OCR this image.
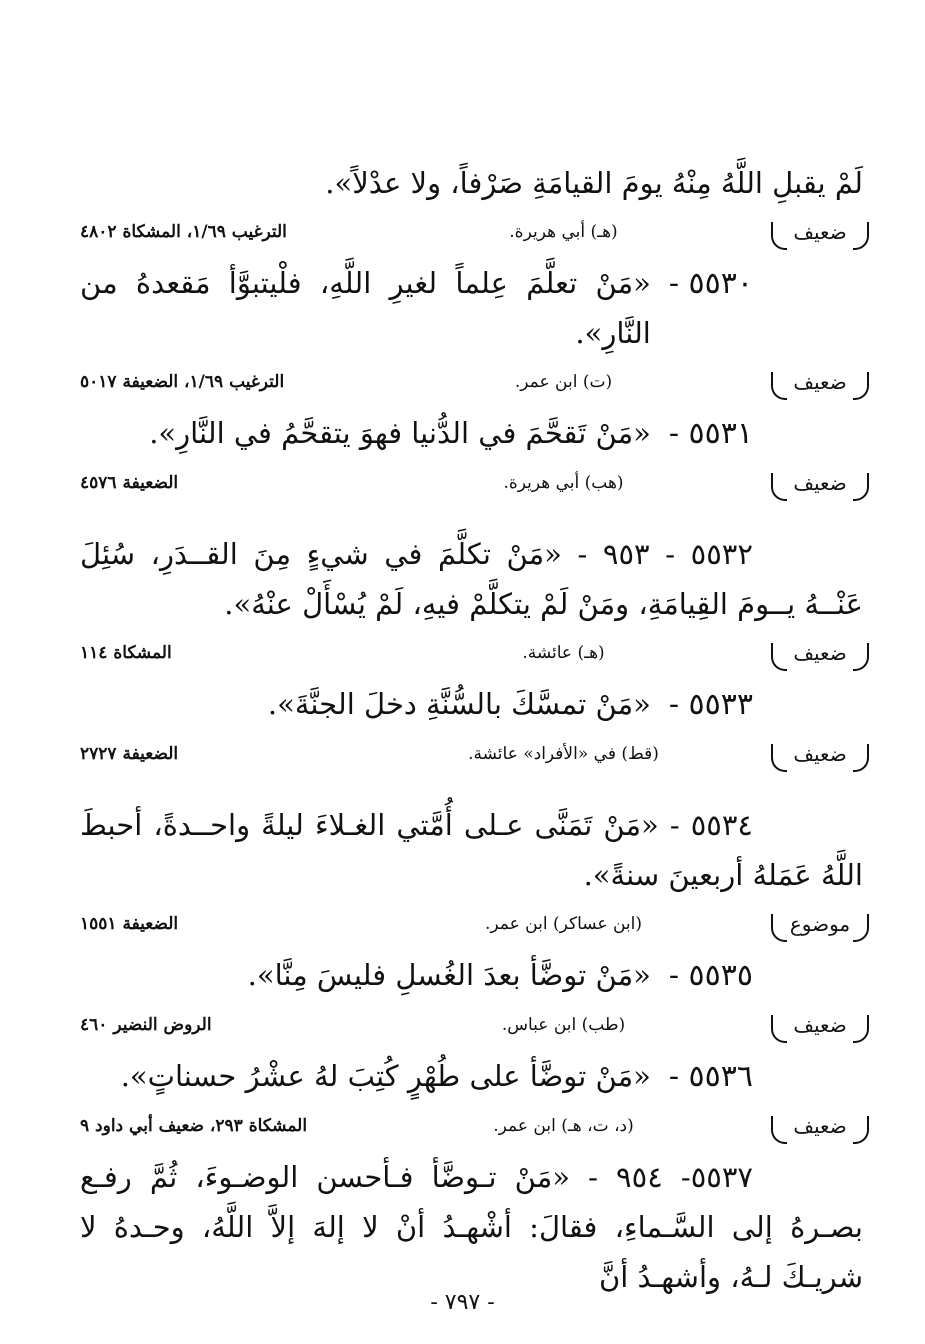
لَمْ يقبلِ اللَّهُ مِنْهُ يومَ القيامَةِ صَرْفاً، ولا عدْلاً».

ضعيف
(هـ) أبي هريرة.
الترغيب ١/٦٩، المشكاة ٤٨٠٢
٥٥٣٠ -
«مَنْ تعلَّمَ عِلماً لغيرِ اللَّهِ، فلْيتبوَّأ مَقعدهُ من النَّارِ».
ضعيف
(ت) ابن عمر.
الترغيب ١/٦٩، الضعيفة ٥٠١٧
٥٥٣١ -
«مَنْ تَقحَّمَ في الدُّنيا فهوَ يتقحَّمُ في النَّارِ».
ضعيف
(هب) أبي هريرة.
الضعيفة ٤٥٧٦

٥٥٣٢ - ٩٥٣ - «مَنْ تكلَّمَ في شيءٍ مِنَ القــدَرِ، سُئِلَ عَنْــهُ يــومَ القِيامَةِ، ومَنْ لَمْ يتكلَّمْ فيهِ، لَمْ يُسْأَلْ عنْهُ».

ضعيف
(هـ) عائشة.
المشكاة ١١٤
٥٥٣٣ -
«مَنْ تمسَّكَ بالسُّنَّةِ دخلَ الجنَّةَ».
ضعيف
(قط) في «الأفراد» عائشة.
الضعيفة ٢٧٢٧

٥٥٣٤ - «مَنْ تَمَنَّى عـلى أُمَّتي الغـلاءَ ليلةً واحــدةً، أحبطَ اللَّهُ عَمَلهُ أربعينَ سنةً».

موضوع
(ابن عساكر) ابن عمر.
الضعيفة ١٥٥١
٥٥٣٥ -
«مَنْ توضَّأ بعدَ الغُسلِ فليسَ مِنَّا».
ضعيف
(طب) ابن عباس.
الروض النضير ٤٦٠
٥٥٣٦ -
«مَنْ توضَّأ على طُهْرٍ كُتِبَ لهُ عشْرُ حسناتٍ».
ضعيف
(د، ت، هـ) ابن عمر.
المشكاة ٢٩٣، ضعيف أبي داود ٩

٥٥٣٧- ٩٥٤ - «مَنْ تـوضَّأ فـأحسن الوضـوءَ، ثُمَّ رفـع بصـرهُ إلى السَّـماءِ، فقالَ: أشْهـدُ أنْ لا إلهَ إلاَّ اللَّهُ، وحـدهُ لا شريـكَ لـهُ، وأشهـدُ أنَّ

- ٧٩٧ -
